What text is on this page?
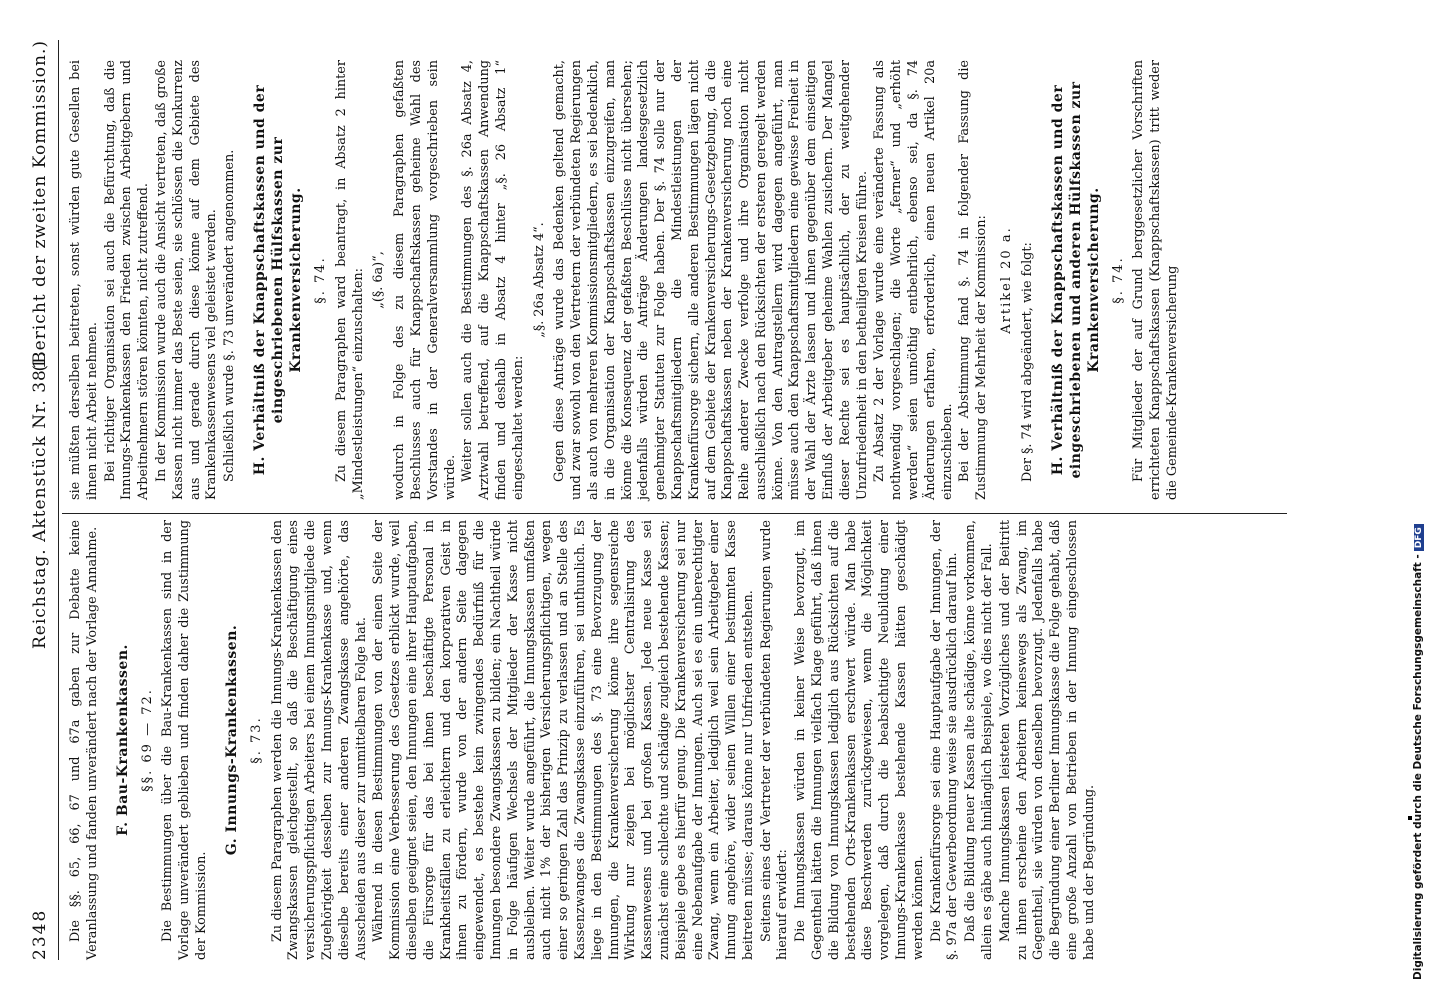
2348
Reichstag. Aktenstück Nr. 381.
(Bericht der zweiten Kommission.)

Die §§. 65, 66, 67 und 67a gaben zur Debatte keine Veranlassung und fanden unverändert nach der Vorlage Annahme. F. Bau-Krankenkassen. §§. 69 — 72. Die Bestimmungen über die Bau-Krankenkassen sind in der Vorlage unverändert geblieben und finden daher die Zustimmung der Kommission.

G. Innungs-Krankenkassen. §. 73. Zu diesem Paragraphen werden die Innungs-Krankenkassen den Zwangskassen gleichgestellt, so daß die Beschäftigung eines versicherungspflichtigen Arbeiters bei einem Innungsmitgliede die Zugehörigkeit desselben zur Innungs-Krankenkasse und, wenn dieselbe bereits einer anderen Zwangskasse angehörte, das Ausscheiden aus dieser zur unmittelbaren Folge hat. Während in diesen Bestimmungen von der einen Seite der Kommission eine Verbesserung des Gesetzes erblickt wurde, weil dieselben geeignet seien, den Innungen eine ihrer Hauptaufgaben, die Fürsorge für das bei ihnen beschäftigte Personal in Krankheitsfällen zu erleichtern und den korporativen Geist in ihnen zu fördern, wurde von der andern Seite dagegen eingewendet, es bestehe kein zwingendes Bedürfniß für die Innungen besondere Zwangskassen zu bilden; ein Nachtheil würde in Folge häufigen Wechsels der Mitglieder der Kasse nicht ausbleiben. Weiter wurde angeführt, die Innungskassen umfaßten auch nicht 1% der bisherigen Versicherungspflichtigen, wegen einer so geringen Zahl das Prinzip zu verlassen und an Stelle des Kassenzwanges die Zwangskasse einzuführen, sei unthunlich. Es liege in den Bestimmungen des §. 73 eine Bevorzugung der Innungen, die Krankenversicherung könne ihre segensreiche Wirkung nur zeigen bei möglichster Centralisirung des Kassenwesens und bei großen Kassen. Jede neue Kasse sei zunächst eine schlechte und schädige zugleich bestehende Kassen; Beispiele gebe es hierfür genug. Die Krankenversicherung sei nur eine Nebenaufgabe der Innungen. Auch sei es ein unberechtigter Zwang, wenn ein Arbeiter, lediglich weil sein Arbeitgeber einer Innung angehöre, wider seinen Willen einer bestimmten Kasse beitreten müsse; daraus könne nur Unfrieden entstehen. Seitens eines der Vertreter der verbündeten Regierungen wurde hierauf erwidert: Die Innungskassen würden in keiner Weise bevorzugt, im Gegentheil hätten die Innungen vielfach Klage geführt, daß ihnen die Bildung von Innungskassen lediglich aus Rücksichten auf die bestehenden Orts-Krankenkassen erschwert würde. Man habe diese Beschwerden zurückgewiesen, wenn die Möglichkeit vorgelegen, daß durch die beabsichtigte Neubildung einer Innungs-Krankenkasse bestehende Kassen hätten geschädigt werden können. Die Krankenfürsorge sei eine Hauptaufgabe der Innungen, der §. 97a der Gewerbeordnung weise sie ausdrücklich darauf hin. Daß die Bildung neuer Kassen alte schädige, könne vorkommen, allein es gäbe auch hinlänglich Beispiele, wo dies nicht der Fall. Manche Innungskassen leisteten Vorzügliches und der Beitritt zu ihnen erscheine den Arbeitern keineswegs als Zwang, im Gegentheil, sie würden von denselben bevorzugt. Jedenfalls habe die Begründung einer Berliner Innungskasse die Folge gehabt, daß eine große Anzahl von Betrieben in der Innung eingeschlossen habe und der Begründung.

sie müßten derselben beitreten, sonst würden gute Gesellen bei ihnen nicht Arbeit nehmen. Bei richtiger Organisation sei auch die Befürchtung, daß die Innungs-Krankenkassen den Frieden zwischen Arbeitgebern und Arbeitnehmern stören könnten, nicht zutreffend. In der Kommission wurde auch die Ansicht vertreten, daß große Kassen nicht immer das Beste seien, sie schlössen die Konkurrenz aus und gerade durch diese könne auf dem Gebiete des Krankenkassenwesens viel geleistet werden. Schließlich wurde §. 73 unverändert angenommen. H. Verhältniß der Knappschaftskassen und der eingeschriebenen Hülfskassen zur Krankenversicherung. §. 74. Zu diesem Paragraphen ward beantragt, in Absatz 2 hinter „Mindestleistungen“ einzuschalten: „(§. 6a)“, wodurch in Folge des zu diesem Paragraphen gefaßten Beschlusses auch für Knappschaftskassen geheime Wahl des Vorstandes in der Generalversammlung vorgeschrieben sein würde. Weiter sollen auch die Bestimmungen des §. 26a Absatz 4, Arztwahl betreffend, auf die Knappschaftskassen Anwendung finden und deshalb in Absatz 4 hinter „§. 26 Absatz 1“ eingeschaltet werden:

„§. 26a Absatz 4“. Gegen diese Anträge wurde das Bedenken geltend gemacht, und zwar sowohl von den Vertretern der verbündeten Regierungen als auch von mehreren Kommissionsmitgliedern, es sei bedenklich, in die Organisation der Knappschaftskassen einzugreifen, man könne die Konsequenz der gefaßten Beschlüsse nicht übersehen; jedenfalls würden die Anträge Änderungen landesgesetzlich genehmigter Statuten zur Folge haben. Der §. 74 solle nur der Knappschaftsmitgliedern die Mindestleistungen der Krankenfürsorge sichern, alle anderen Bestimmungen lägen nicht auf dem Gebiete der Krankenversicherungs-Gesetzgebung, da die Knappschaftskassen neben der Krankenversicherung noch eine Reihe anderer Zwecke verfolge und ihre Organisation nicht ausschließlich nach den Rücksichten der ersteren geregelt werden könne. Von den Antragstellern wird dagegen angeführt, man müsse auch den Knappschaftsmitgliedern eine gewisse Freiheit in der Wahl der Ärzte lassen und ihnen gegenüber dem einseitigen Einfluß der Arbeitgeber geheime Wahlen zusichern. Der Mangel dieser Rechte sei es hauptsächlich, der zu weitgehender Unzufriedenheit in den betheiligten Kreisen führe. Zu Absatz 2 der Vorlage wurde eine veränderte Fassung als nothwendig vorgeschlagen; die Worte „ferner“ und „erhöht werden“ seien unnöthig entbehrlich, ebenso sei, da §. 74 Änderungen erfahren, erforderlich, einen neuen Artikel 20a einzuschieben. Bei der Abstimmung fand §. 74 in folgender Fassung die Zustimmung der Mehrheit der Kommission: Artikel 20 a. Der §. 74 wird abgeändert, wie folgt: H. Verhältniß der Knappschaftskassen und der eingeschriebenen und anderen Hülfskassen zur Krankenversicherung. §. 74. Für Mitglieder der auf Grund berggesetzlicher Vorschriften errichteten Knappschaftskassen (Knappschaftskassen) tritt weder die Gemeinde-Krankenversicherung

Digitalisierung gefördert durch die Deutsche Forschungsgemeinschaft -DFG
